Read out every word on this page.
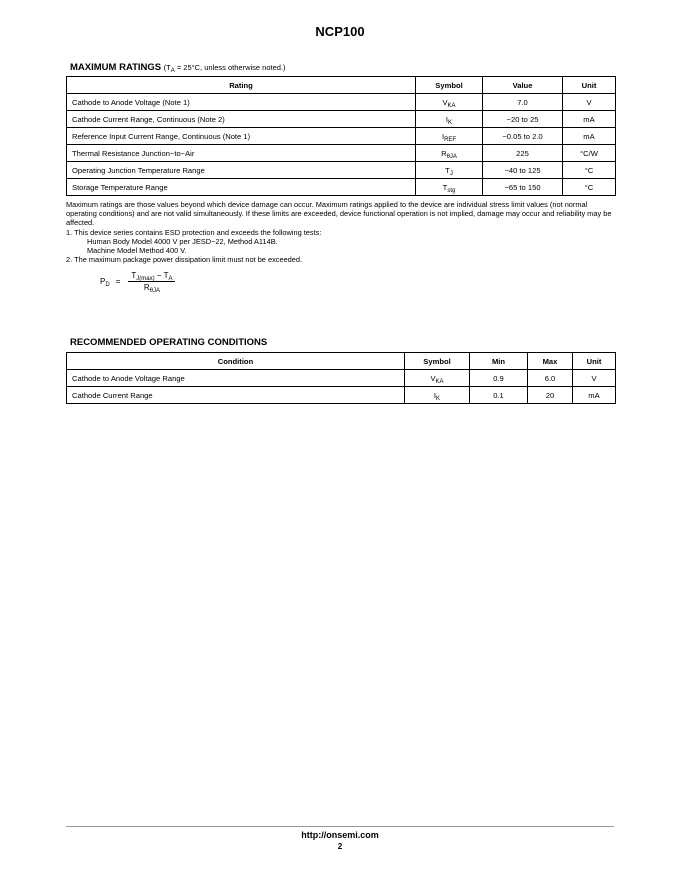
NCP100
MAXIMUM RATINGS ($T_A = 25^\circ C$, unless otherwise noted.)
Rating	Symbol	Value	Unit
Cathode to Anode Voltage (Note 1)	$V_{KA}$	7.0	V
Cathode Current Range, Continuous (Note 2)	$I_K$	−20 to 25	mA
Reference Input Current Range, Continuous (Note 1)	$I_{REF}$	−0.05 to 2.0	mA
Thermal Resistance Junction−to−Air	$R_{\theta JA}$	225	°C/W
Operating Junction Temperature Range	$T_J$	−40 to 125	°C
Storage Temperature Range	$T_{stg}$	−65 to 150	°C

Maximum ratings are those values beyond which device damage can occur. Maximum ratings applied to the device are individual stress limit values (not normal operating conditions) and are not valid simultaneously. If these limits are exceeded, device functional operation is not implied, damage may occur and reliability may be affected.

1. This device series contains ESD protection and exceeds the following tests:

Human Body Model 4000 V per JESD−22, Method A114B.

Machine Model Method 400 V.

2. The maximum package power dissipation limit must not be exceeded.

$P_D = \frac{T_{J(max)} - T_A}{R_{\theta JA}}$
RECOMMENDED OPERATING CONDITIONS
Condition	Symbol	Min	Max	Unit
Cathode to Anode Voltage Range	$V_{KA}$	0.9	6.0	V
Cathode Current Range	$I_K$	0.1	20	mA
http://onsemi.com
2
